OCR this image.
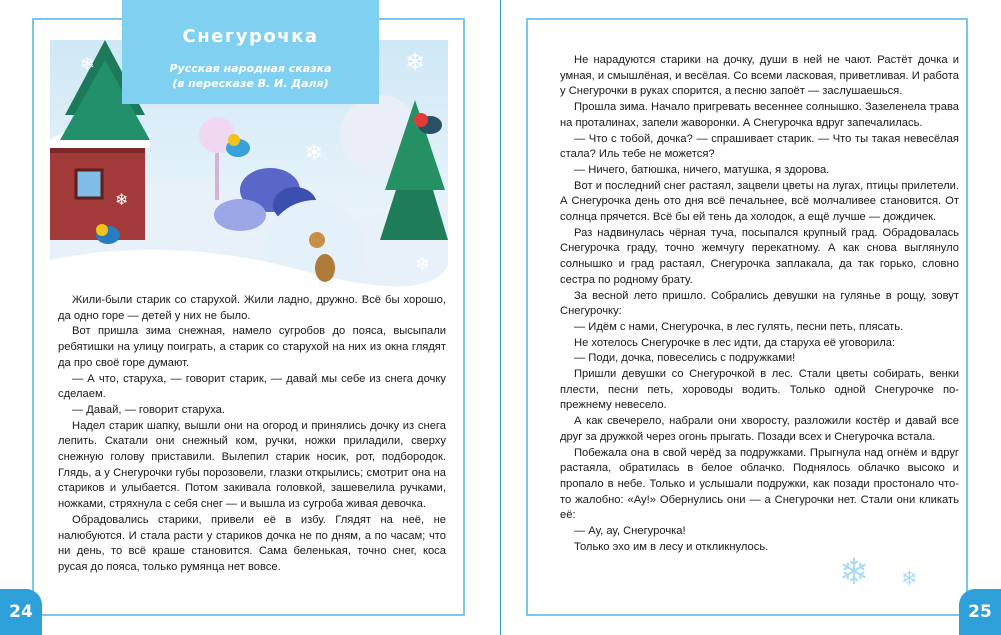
Снегурочка
Русская народная сказка
(в пересказе В. И. Даля)
❄
❄
❄
❄
❄
❄

Жили-были старик со старухой. Жили ладно, дружно. Всё бы хорошо, да одно горе — детей у них не было.

Вот пришла зима снежная, намело сугробов до пояса, высыпали ребятишки на улицу поиграть, а старик со старухой на них из окна глядят да про своё горе думают.

— А что, старуха, — говорит старик, — давай мы себе из снега дочку сделаем.

— Давай, — говорит старуха.

Надел старик шапку, вышли они на огород и принялись дочку из снега лепить. Скатали они снежный ком, ручки, ножки приладили, сверху снежную голову приставили. Вылепил старик носик, рот, подбородок. Глядь, а у Снегурочки губы порозовели, глазки открылись; смотрит она на стариков и улыбается. Потом закивала головкой, зашевелила ручками, ножками, стряхнула с себя снег — и вышла из сугроба живая девочка.

Обрадовались старики, привели её в избу. Глядят на неё, не налюбуются. И стала расти у стариков дочка не по дням, а по часам; что ни день, то всё краше становится. Сама беленькая, точно снег, коса русая до пояса, только румянца нет вовсе.

24

Не нарадуются старики на дочку, души в ней не чают. Растёт дочка и умная, и смышлёная, и весёлая. Со всеми ласковая, приветливая. И работа у Снегурочки в руках спорится, а песню запоёт — заслушаешься.

Прошла зима. Начало пригревать весеннее солнышко. Зазеленела трава на проталинах, запели жаворонки. А Снегурочка вдруг запечалилась.

— Что с тобой, дочка? — спрашивает старик. — Что ты такая невесёлая стала? Иль тебе не можется?

— Ничего, батюшка, ничего, матушка, я здорова.

Вот и последний снег растаял, зацвели цветы на лугах, птицы прилетели. А Снегурочка день ото дня всё печальнее, всё молчаливее становится. От солнца прячется. Всё бы ей тень да холодок, а ещё лучше — дождичек.

Раз надвинулась чёрная туча, посыпался крупный град. Обрадовалась Снегурочка граду, точно жемчугу перекатному. А как снова выглянуло солнышко и град растаял, Снегурочка заплакала, да так горько, словно сестра по родному брату.

За весной лето пришло. Собрались девушки на гулянье в рощу, зовут Снегурочку:

— Идём с нами, Снегурочка, в лес гулять, песни петь, плясать.

Не хотелось Снегурочке в лес идти, да старуха её уговорила:

— Поди, дочка, повеселись с подружками!

Пришли девушки со Снегурочкой в лес. Стали цветы собирать, венки плести, песни петь, хороводы водить. Только одной Снегурочке по-прежнему невесело.

А как свечерело, набрали они хворосту, разложили костёр и давай все друг за дружкой через огонь прыгать. Позади всех и Снегурочка встала.

Побежала она в свой черёд за подружками. Прыгнула над огнём и вдруг растаяла, обратилась в белое облачко. Поднялось облачко высоко и пропало в небе. Только и услышали подружки, как позади простонало что-то жалобно: «Ау!» Обернулись они — а Снегурочки нет. Стали они кликать её:

— Ау, ау, Снегурочка!

Только эхо им в лесу и откликнулось.

❄ ❄
25
